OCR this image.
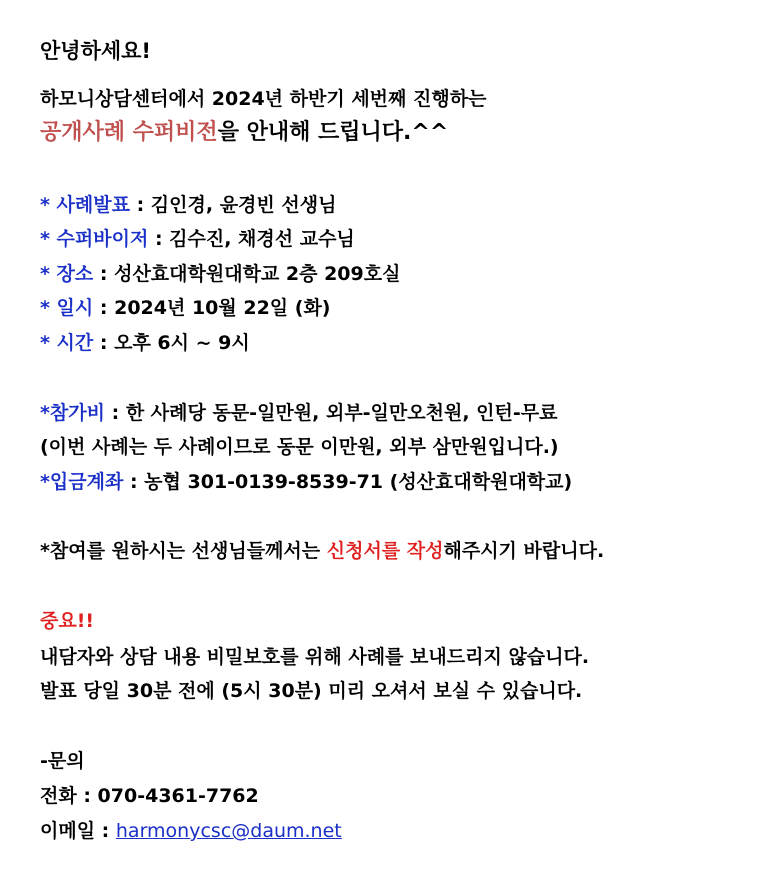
안녕하세요!
하모니상담센터에서 2024년 하반기 세번째 진행하는
공개사례 수퍼비전을 안내해 드립니다.^^
* 사례발표 : 김인경, 윤경빈 선생님
* 수퍼바이저 : 김수진, 채경선 교수님
* 장소 : 성산효대학원대학교 2층 209호실
* 일시 : 2024년 10월 22일 (화)
* 시간 : 오후 6시 ~ 9시
*참가비 : 한 사례당 동문-일만원, 외부-일만오천원, 인턴-무료
(이번 사례는 두 사례이므로 동문 이만원, 외부 삼만원입니다.)
*입금계좌 : 농협 301-0139-8539-71 (성산효대학원대학교)
*참여를 원하시는 선생님들께서는 신청서를 작성해주시기 바랍니다.
중요!!
내담자와 상담 내용 비밀보호를 위해 사례를 보내드리지 않습니다.
발표 당일 30분 전에 (5시 30분) 미리 오셔서 보실 수 있습니다.
-문의
전화 : 070-4361-7762
이메일 : harmonycsc@daum.net
